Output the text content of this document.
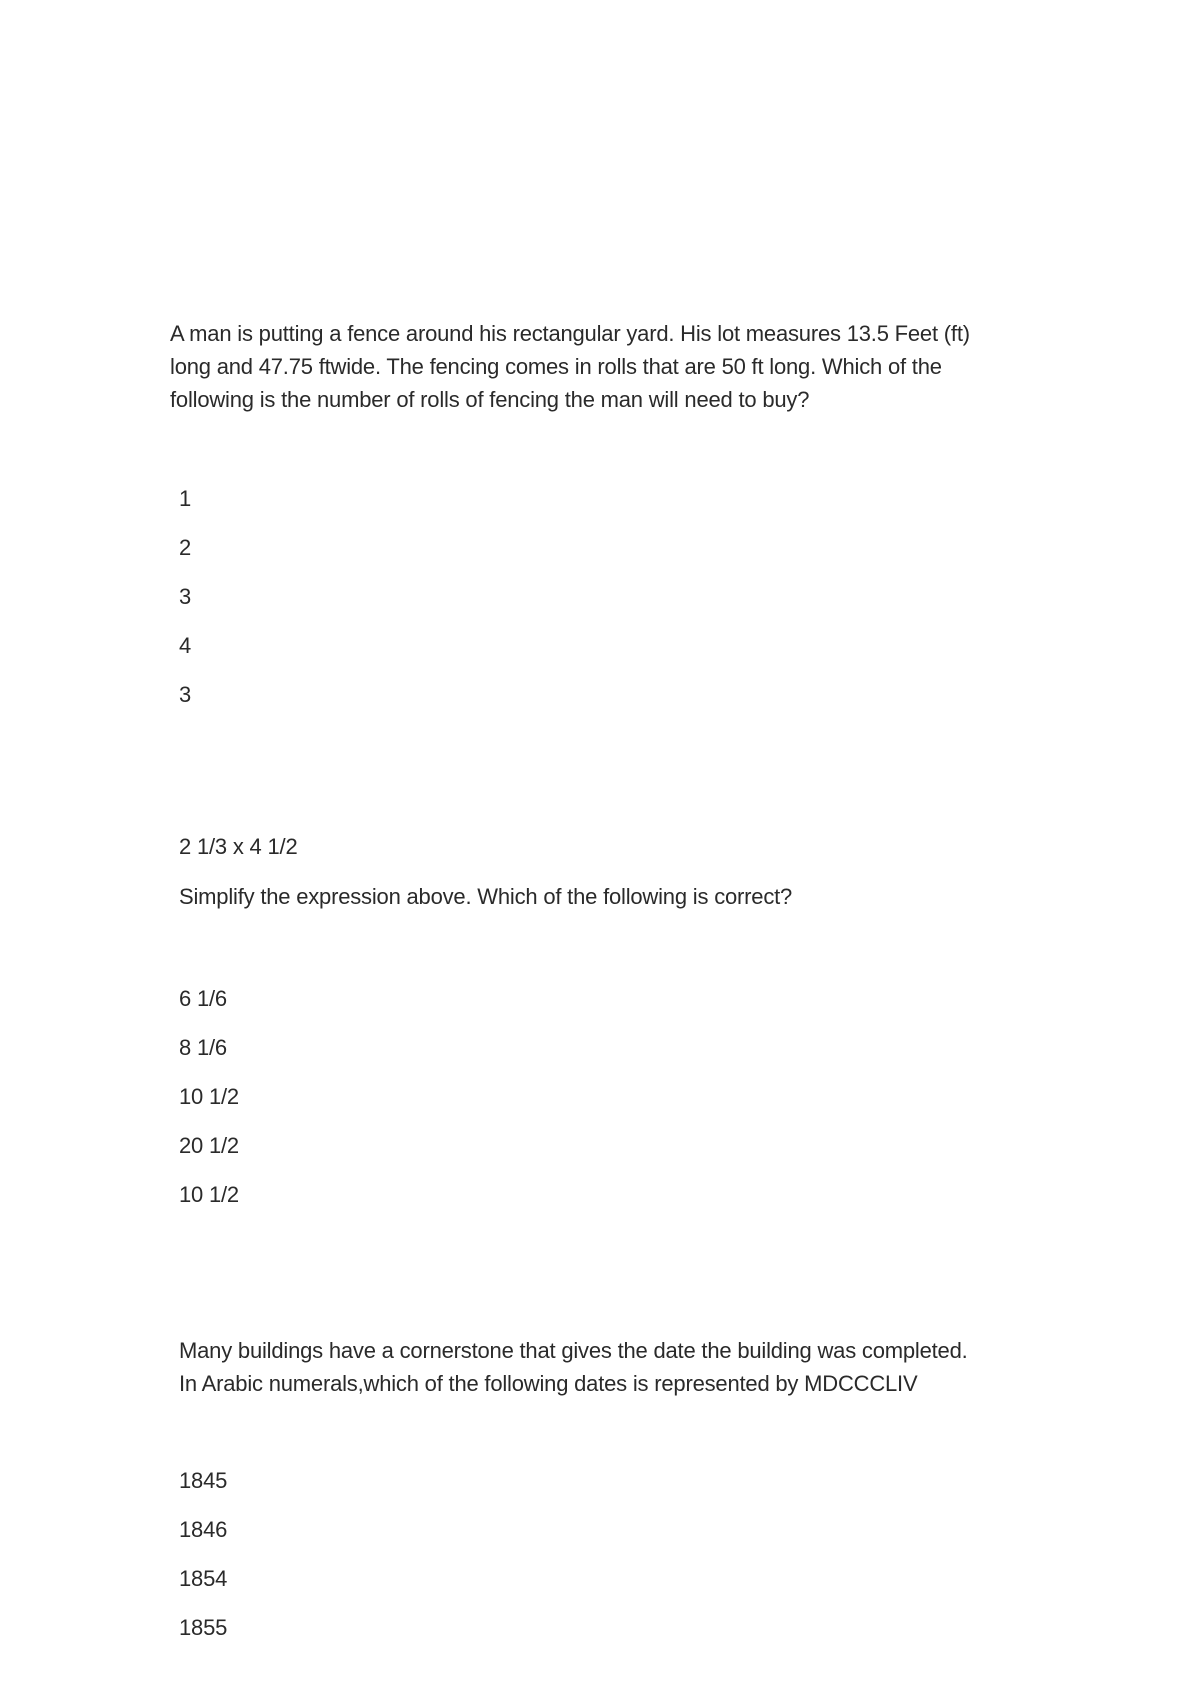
A man is putting a fence around his rectangular yard. His lot measures 13.5 Feet (ft)
long and 47.75 ftwide. The fencing comes in rolls that are 50 ft long. Which of the
following is the number of rolls of fencing the man will need to buy?
1
2
3
4
3
2 1/3 x 4 1/2
Simplify the expression above. Which of the following is correct?
6 1/6
8 1/6
10 1/2
20 1/2
10 1/2
Many buildings have a cornerstone that gives the date the building was completed.
In Arabic numerals,which of the following dates is represented by MDCCCLIV
1845
1846
1854
1855
